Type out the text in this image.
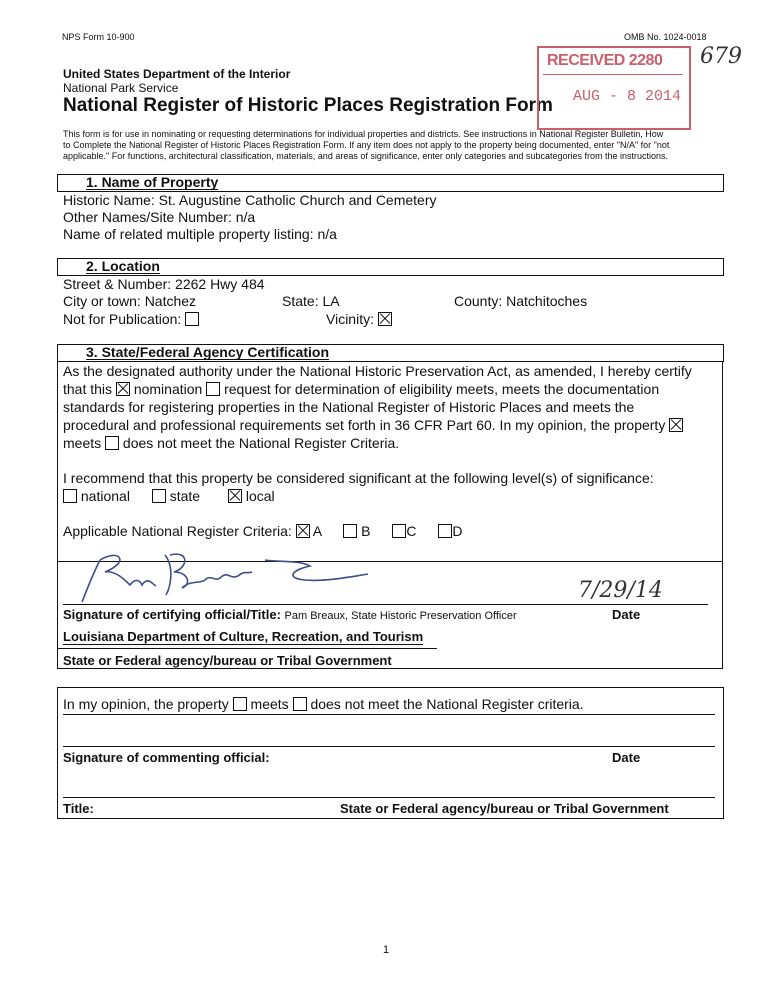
NPS Form 10-900	OMB No. 1024-0018
679
United States Department of the Interior
National Park Service
National Register of Historic Places Registration Form
RECEIVED 2280
AUG - 8 2014
This form is for use in nominating or requesting determinations for individual properties and districts. See instructions in National Register Bulletin, How
to Complete the National Register of Historic Places Registration Form. If any item does not apply to the property being documented, enter "N/A" for "not
applicable." For functions, architectural classification, materials, and areas of significance, enter only categories and subcategories from the instructions.
1. Name of Property
Historic Name: St. Augustine Catholic Church and Cemetery
Other Names/Site Number: n/a
Name of related multiple property listing: n/a
2. Location
Street & Number: 2262 Hwy 484
City or town: Natchez	State: LA	County: Natchitoches
Not for Publication:	Vicinity:
3. State/Federal Agency Certification
As the designated authority under the National Historic Preservation Act, as amended, I hereby certify
that this nomination request for determination of eligibility meets, meets the documentation
standards for registering properties in the National Register of Historic Places and meets the
procedural and professional requirements set forth in 36 CFR Part 60. In my opinion, the property
meets does not meet the National Register Criteria.
I recommend that this property be considered significant at the following level(s) of significance:
national	state	local
Applicable National Register Criteria: A	B	C	D
7/29/14
Signature of certifying official/Title: Pam Breaux, State Historic Preservation Officer	Date
Louisiana Department of Culture, Recreation, and Tourism
State or Federal agency/bureau or Tribal Government
In my opinion, the property meets does not meet the National Register criteria.
Signature of commenting official:	Date
Title:	State or Federal agency/bureau or Tribal Government
1
